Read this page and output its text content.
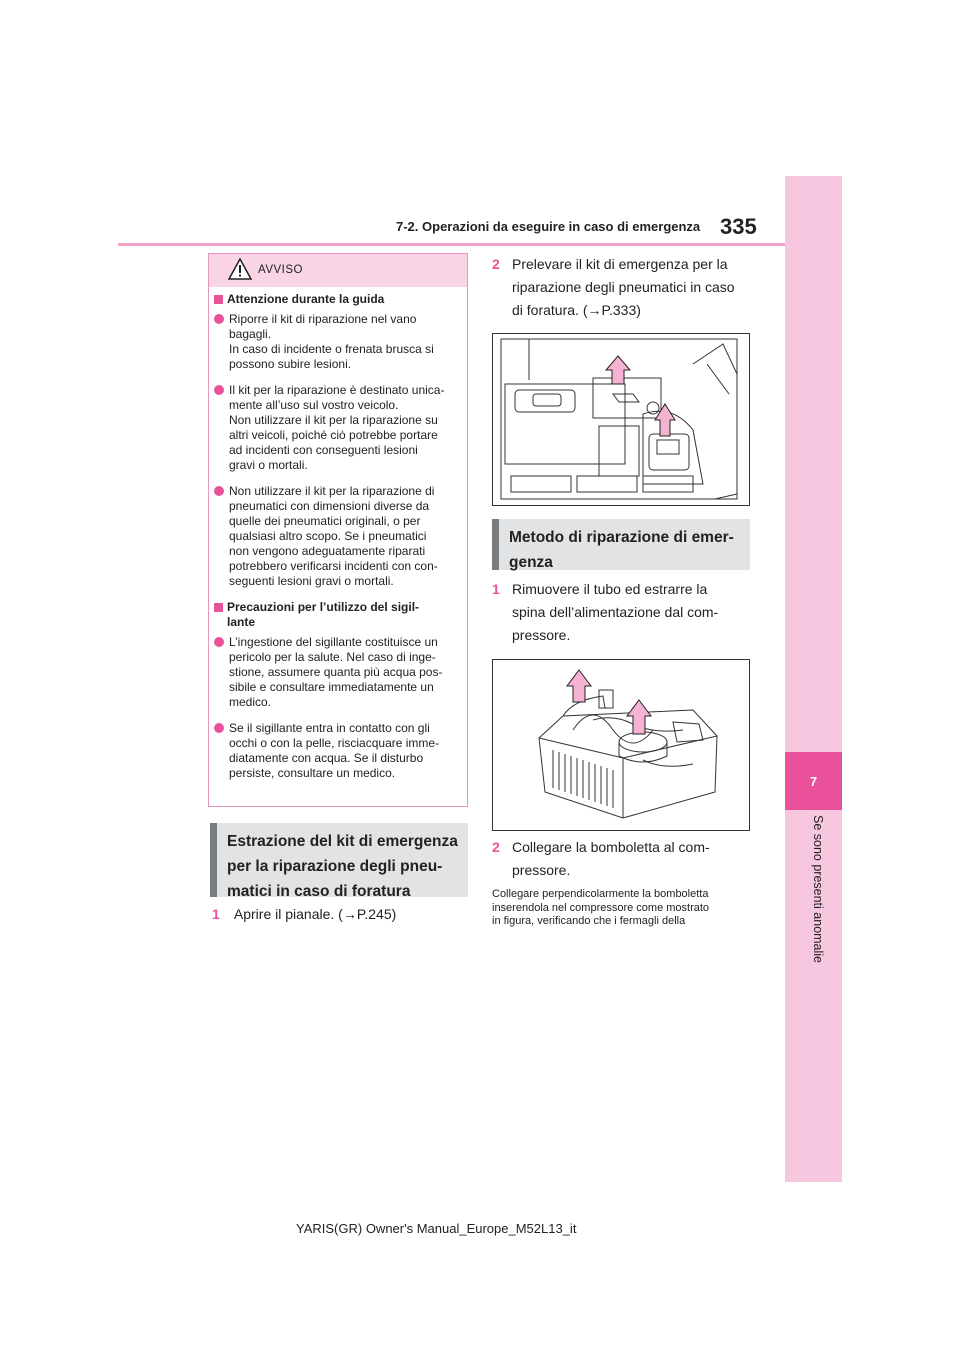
7
Se sono presenti anomalie
7-2. Operazioni da eseguire in caso di emergenza 335
AVVISO
Attenzione durante la guida
Riporre il kit di riparazione nel vano
bagagli.
In caso di incidente o frenata brusca si
possono subire lesioni.
Il kit per la riparazione è destinato unica-
mente all’uso sul vostro veicolo.
Non utilizzare il kit per la riparazione su
altri veicoli, poiché ciò potrebbe portare
ad incidenti con conseguenti lesioni
gravi o mortali.
Non utilizzare il kit per la riparazione di
pneumatici con dimensioni diverse da
quelle dei pneumatici originali, o per
qualsiasi altro scopo. Se i pneumatici
non vengono adeguatamente riparati
potrebbero verificarsi incidenti con con-
seguenti lesioni gravi o mortali.
Precauzioni per l’utilizzo del sigil-
lante
L’ingestione del sigillante costituisce un
pericolo per la salute. Nel caso di inge-
stione, assumere quanta più acqua pos-
sibile e consultare immediatamente un
medico.
Se il sigillante entra in contatto con gli
occhi o con la pelle, risciacquare imme-
diatamente con acqua. Se il disturbo
persiste, consultare un medico.
Estrazione del kit di emergenza
per la riparazione degli pneu-
matici in caso di foratura
1 Aprire il pianale. (→P.245)
2 Prelevare il kit di emergenza per la
riparazione degli pneumatici in caso
di foratura. (→P.333)
Metodo di riparazione di emer-
genza
1 Rimuovere il tubo ed estrarre la
spina dell’alimentazione dal com-
pressore.
2 Collegare la bomboletta al com-
pressore.
Collegare perpendicolarmente la bomboletta
inserendola nel compressore come mostrato
in figura, verificando che i fermagli della
YARIS(GR) Owner's Manual_Europe_M52L13_it
